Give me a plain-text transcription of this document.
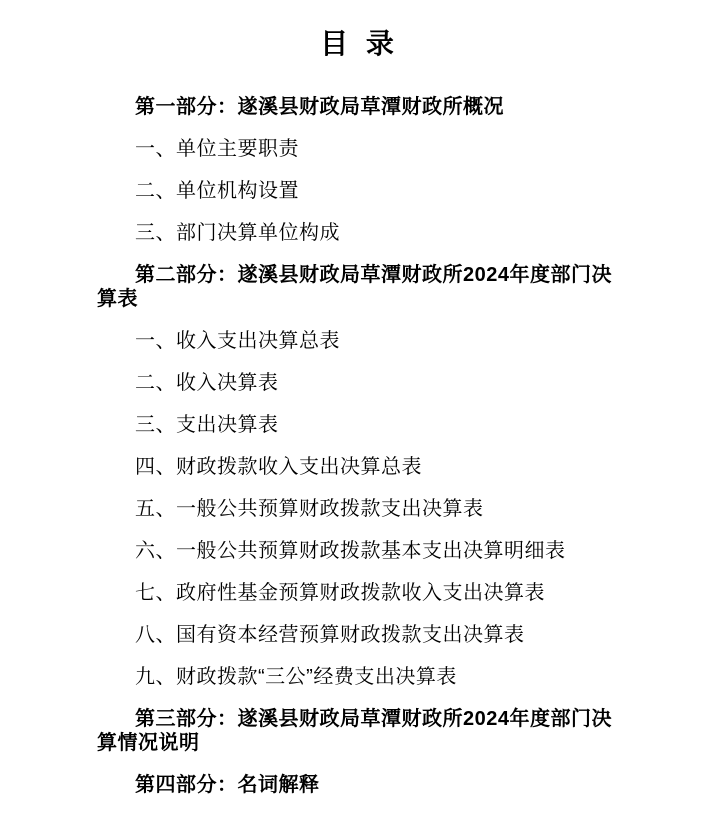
目 录

第一部分：遂溪县财政局草潭财政所概况

一、单位主要职责

二、单位机构设置

三、部门决算单位构成

第二部分：遂溪县财政局草潭财政所2024年度部门决算表

一、收入支出决算总表

二、收入决算表

三、支出决算表

四、财政拨款收入支出决算总表

五、一般公共预算财政拨款支出决算表

六、一般公共预算财政拨款基本支出决算明细表

七、政府性基金预算财政拨款收入支出决算表

八、国有资本经营预算财政拨款支出决算表

九、财政拨款“三公”经费支出决算表

第三部分：遂溪县财政局草潭财政所2024年度部门决算情况说明

第四部分：名词解释
